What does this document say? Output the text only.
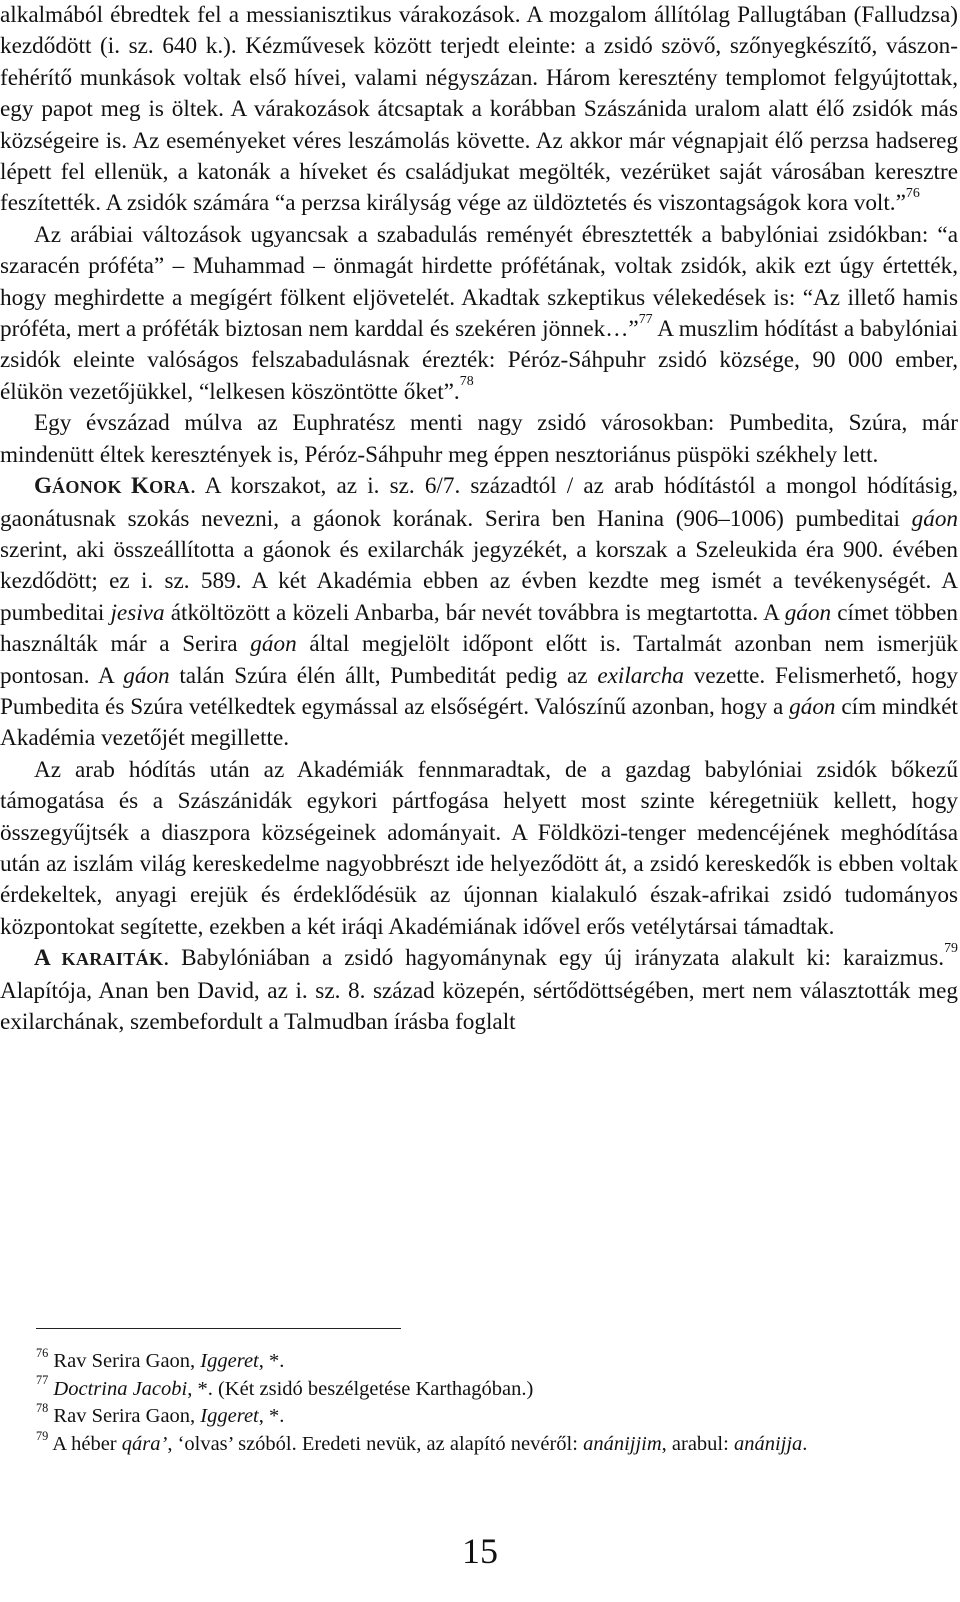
alkalmából ébredtek fel a messianisztikus várakozások. A mozgalom állítólag Pallugtában (Falludzsa) kezdődött (i. sz. 640 k.). Kézművesek között terjedt eleinte: a zsidó szövő, szőnyegkészítő, vászon-fehérítő munkások voltak első hívei, valami négyszázan. Három keresztény templomot felgyújtottak, egy papot meg is öltek. A várakozások átcsaptak a korábban Szászánida uralom alatt élő zsidók más községeire is. Az eseményeket véres leszámolás követte. Az akkor már végnapjait élő perzsa hadsereg lépett fel ellenük, a katonák a híveket és családjukat megölték, vezérüket saját városában keresztre feszítették. A zsidók számára “a perzsa királyság vége az üldöztetés és viszontagságok kora volt.”$^{76}$

Az arábiai változások ugyancsak a szabadulás reményét ébresztették a babylóniai zsidókban: “a szaracén próféta” – Muhammad – önmagát hirdette prófétának, voltak zsidók, akik ezt úgy értették, hogy meghirdette a megígért fölkent eljövetelét. Akadtak szkeptikus vélekedések is: “Az illető hamis próféta, mert a próféták biztosan nem karddal és szekéren jönnek…”$^{77}$ A muszlim hódítást a babylóniai zsidók eleinte valóságos felszabadulásnak érezték: Péróz-Sáhpuhr zsidó községe, 90 000 ember, élükön vezetőjükkel, “lelkesen köszöntötte őket”.$^{78}$

Egy évszázad múlva az Euphratész menti nagy zsidó városokban: Pumbedita, Szúra, már mindenütt éltek keresztények is, Péróz-Sáhpuhr meg éppen nesztoriánus püspöki székhely lett.

GÁONOK KORA. A korszakot, az i. sz. 6/7. századtól / az arab hódítástól a mongol hódításig, gaonátusnak szokás nevezni, a gáonok korának. Serira ben Hanina (906–1006) pumbeditai gáon szerint, aki összeállította a gáonok és exilarchák jegyzékét, a korszak a Szeleukida éra 900. évében kezdődött; ez i. sz. 589. A két Akadémia ebben az évben kezdte meg ismét a tevékenységét. A pumbeditai jesiva átköltözött a közeli Anbarba, bár nevét továbbra is megtartotta. A gáon címet többen használták már a Serira gáon által megjelölt időpont előtt is. Tartalmát azonban nem ismerjük pontosan. A gáon talán Szúra élén állt, Pumbeditát pedig az exilarcha vezette. Felismerhető, hogy Pumbedita és Szúra vetélkedtek egymással az elsőségért. Valószínű azonban, hogy a gáon cím mindkét Akadémia vezetőjét megillette.

Az arab hódítás után az Akadémiák fennmaradtak, de a gazdag babylóniai zsidók bőkezű támogatása és a Szászánidák egykori pártfogása helyett most szinte kéregetniük kellett, hogy összegyűjtsék a diaszpora községeinek adományait. A Földközi-tenger medencéjének meghódítása után az iszlám világ kereskedelme nagyobbrészt ide helyeződött át, a zsidó kereskedők is ebben voltak érdekeltek, anyagi erejük és érdeklődésük az újonnan kialakuló észak-afrikai zsidó tudományos központokat segítette, ezekben a két iráqi Akadémiának idővel erős vetélytársai támadtak.

A KARAITÁK. Babylóniában a zsidó hagyománynak egy új irányzata alakult ki: karaizmus.$^{79}$ Alapítója, Anan ben David, az i. sz. 8. század közepén, sértődöttségében, mert nem választották meg exilarchának, szembefordult a Talmudban írásba foglalt

$^{76}$ Rav Serira Gaon, Iggeret, *.

$^{77}$ Doctrina Jacobi, *. (Két zsidó beszélgetése Karthagóban.)

$^{78}$ Rav Serira Gaon, Iggeret, *.

$^{79}$ A héber qára’, ‘olvas’ szóból. Eredeti nevük, az alapító nevéről: anánijjim, arabul: anánijja.

15
